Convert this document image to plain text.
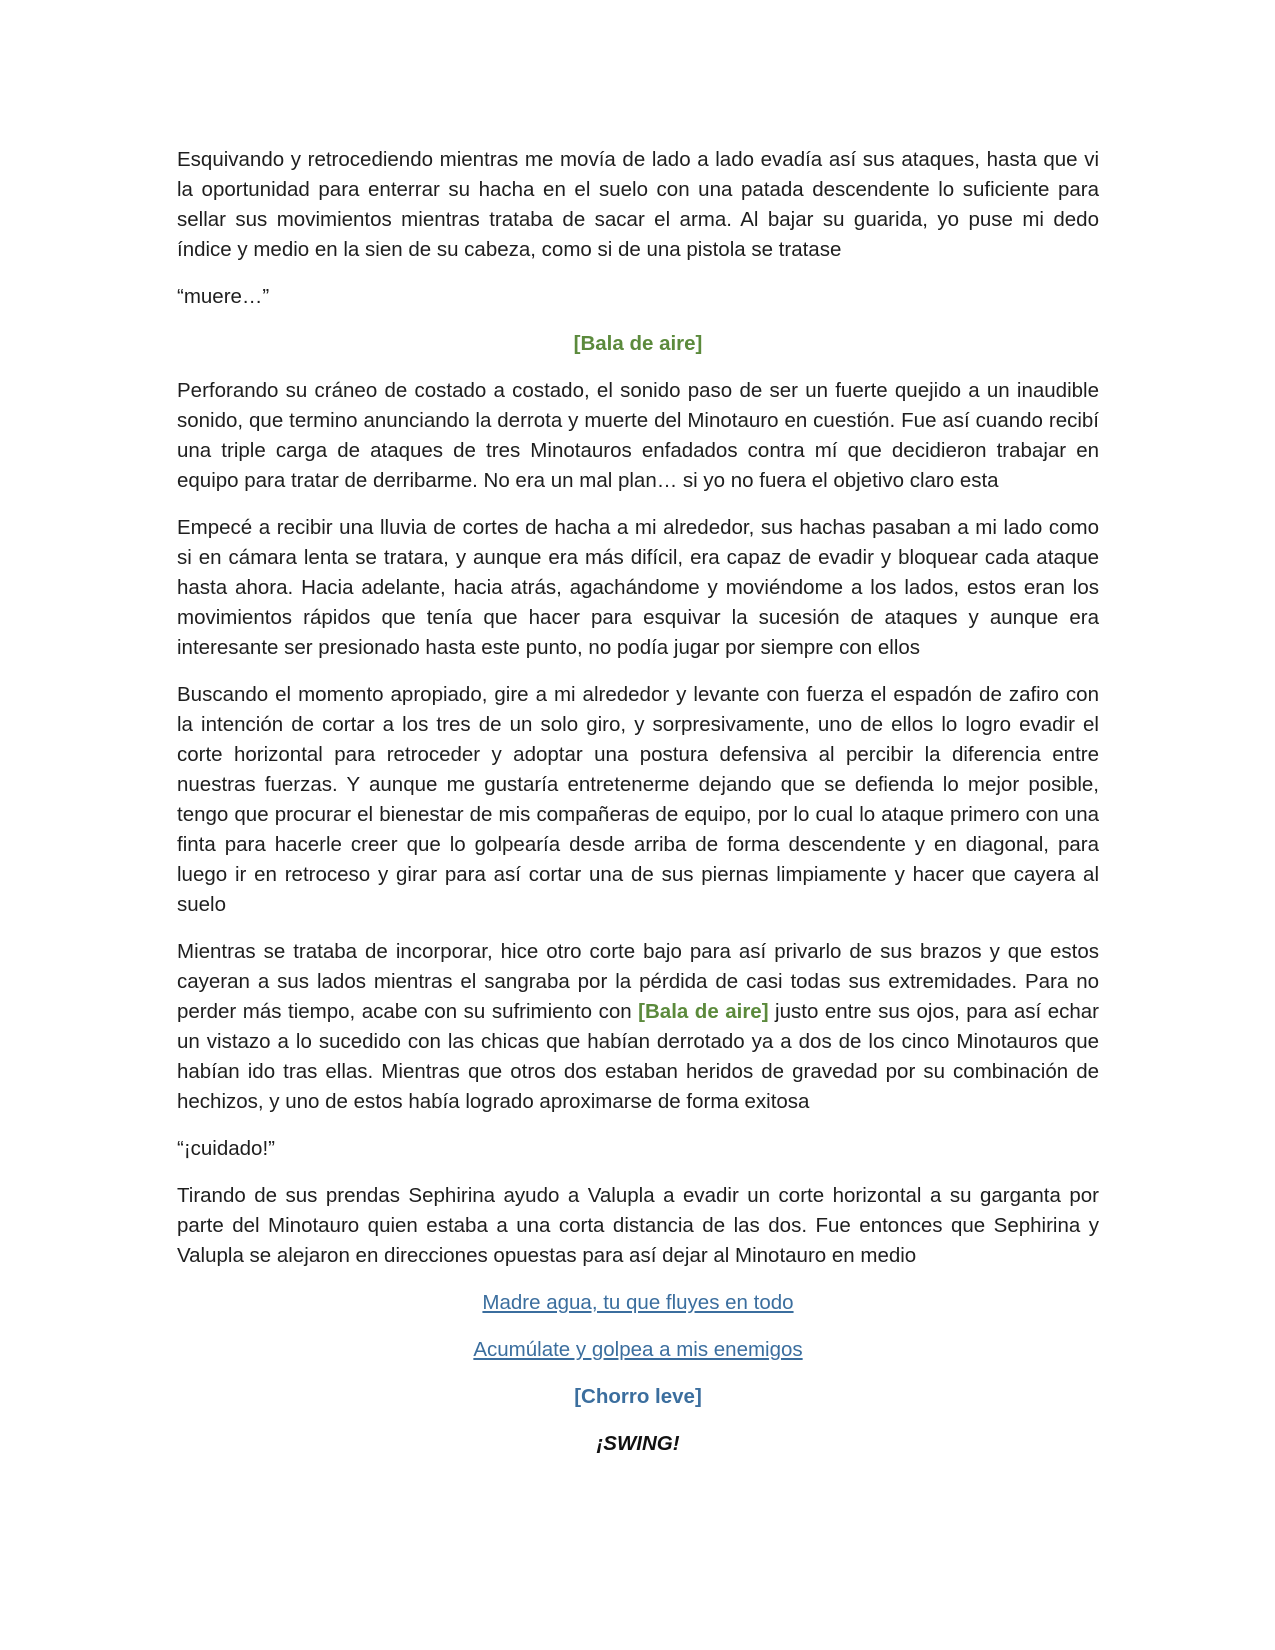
Esquivando y retrocediendo mientras me movía de lado a lado evadía así sus ataques, hasta que vi la oportunidad para enterrar su hacha en el suelo con una patada descendente lo suficiente para sellar sus movimientos mientras trataba de sacar el arma. Al bajar su guarida, yo puse mi dedo índice y medio en la sien de su cabeza, como si de una pistola se tratase

“muere…”

[Bala de aire]

Perforando su cráneo de costado a costado, el sonido paso de ser un fuerte quejido a un inaudible sonido, que termino anunciando la derrota y muerte del Minotauro en cuestión. Fue así cuando recibí una triple carga de ataques de tres Minotauros enfadados contra mí que decidieron trabajar en equipo para tratar de derribarme. No era un mal plan… si yo no fuera el objetivo claro esta

Empecé a recibir una lluvia de cortes de hacha a mi alrededor, sus hachas pasaban a mi lado como si en cámara lenta se tratara, y aunque era más difícil, era capaz de evadir y bloquear cada ataque hasta ahora. Hacia adelante, hacia atrás, agachándome y moviéndome a los lados, estos eran los movimientos rápidos que tenía que hacer para esquivar la sucesión de ataques y aunque era interesante ser presionado hasta este punto, no podía jugar por siempre con ellos

Buscando el momento apropiado, gire a mi alrededor y levante con fuerza el espadón de zafiro con la intención de cortar a los tres de un solo giro, y sorpresivamente, uno de ellos lo logro evadir el corte horizontal para retroceder y adoptar una postura defensiva al percibir la diferencia entre nuestras fuerzas. Y aunque me gustaría entretenerme dejando que se defienda lo mejor posible, tengo que procurar el bienestar de mis compañeras de equipo, por lo cual lo ataque primero con una finta para hacerle creer que lo golpearía desde arriba de forma descendente y en diagonal, para luego ir en retroceso y girar para así cortar una de sus piernas limpiamente y hacer que cayera al suelo

Mientras se trataba de incorporar, hice otro corte bajo para así privarlo de sus brazos y que estos cayeran a sus lados mientras el sangraba por la pérdida de casi todas sus extremidades. Para no perder más tiempo, acabe con su sufrimiento con [Bala de aire] justo entre sus ojos, para así echar un vistazo a lo sucedido con las chicas que habían derrotado ya a dos de los cinco Minotauros que habían ido tras ellas. Mientras que otros dos estaban heridos de gravedad por su combinación de hechizos, y uno de estos había logrado aproximarse de forma exitosa

“¡cuidado!”

Tirando de sus prendas Sephirina ayudo a Valupla a evadir un corte horizontal a su garganta por parte del Minotauro quien estaba a una corta distancia de las dos. Fue entonces que Sephirina y Valupla se alejaron en direcciones opuestas para así dejar al Minotauro en medio

Madre agua, tu que fluyes en todo

Acumúlate y golpea a mis enemigos

[Chorro leve]

¡SWING!
